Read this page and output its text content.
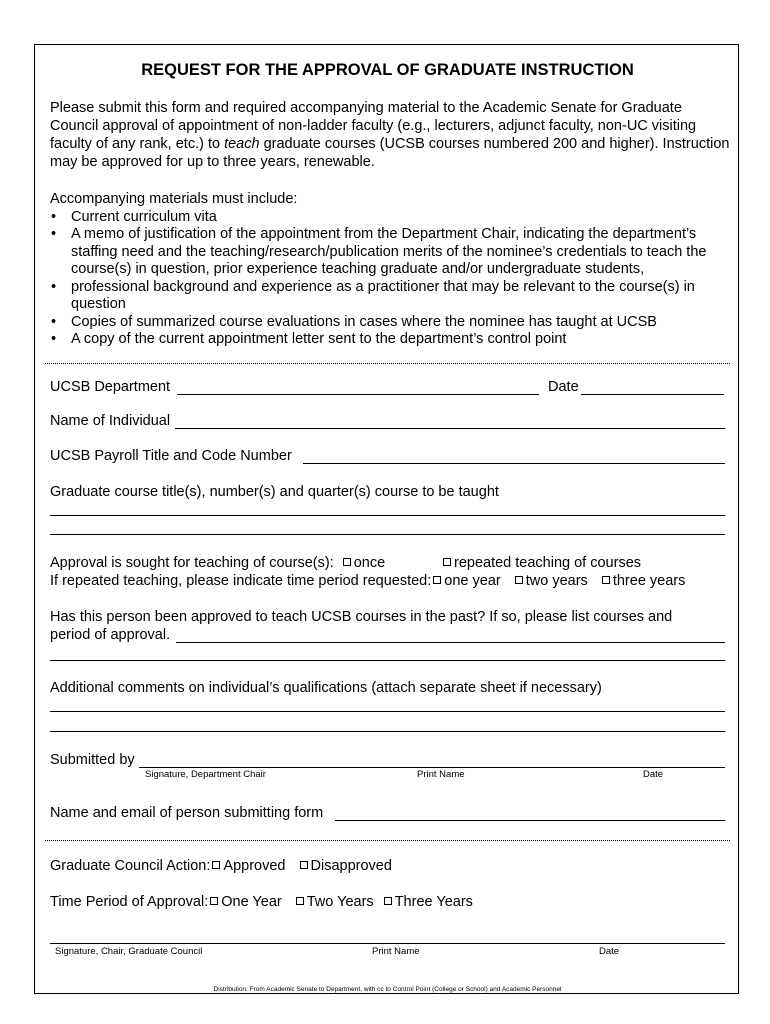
REQUEST FOR THE APPROVAL OF GRADUATE INSTRUCTION
Please submit this form and required accompanying material to the Academic Senate for Graduate Council approval of appointment of non-ladder faculty (e.g., lecturers, adjunct faculty, non-UC visiting faculty of any rank, etc.) to teach graduate courses (UCSB courses numbered 200 and higher). Instruction may be approved for up to three years, renewable.

Accompanying materials must include:

• Current curriculum vita
• A memo of justification of the appointment from the Department Chair, indicating the department’s staffing need and the teaching/research/publication merits of the nominee’s credentials to teach the course(s) in question, prior experience teaching graduate and/or undergraduate students,
• professional background and experience as a practitioner that may be relevant to the course(s) in question
• Copies of summarized course evaluations in cases where the nominee has taught at UCSB
• A copy of the current appointment letter sent to the department’s control point
UCSB Department	Date
Name of Individual
UCSB Payroll Title and Code Number
Graduate course title(s), number(s) and quarter(s) course to be taught
Approval is sought for teaching of course(s): once	repeated teaching of courses
If repeated teaching, please indicate time period requested: one year two years three years
Has this person been approved to teach UCSB courses in the past? If so, please list courses and
period of approval.
Additional comments on individual’s qualifications (attach separate sheet if necessary)
Submitted by
Signature, Department Chair	Print Name	Date
Name and email of person submitting form
Graduate Council Action: Approved Disapproved
Time Period of Approval: One Year Two Years Three Years
Signature, Chair, Graduate Council	Print Name	Date
Distribution: From Academic Senate to Department, with cc to Control Point (College or School) and Academic Personnel
